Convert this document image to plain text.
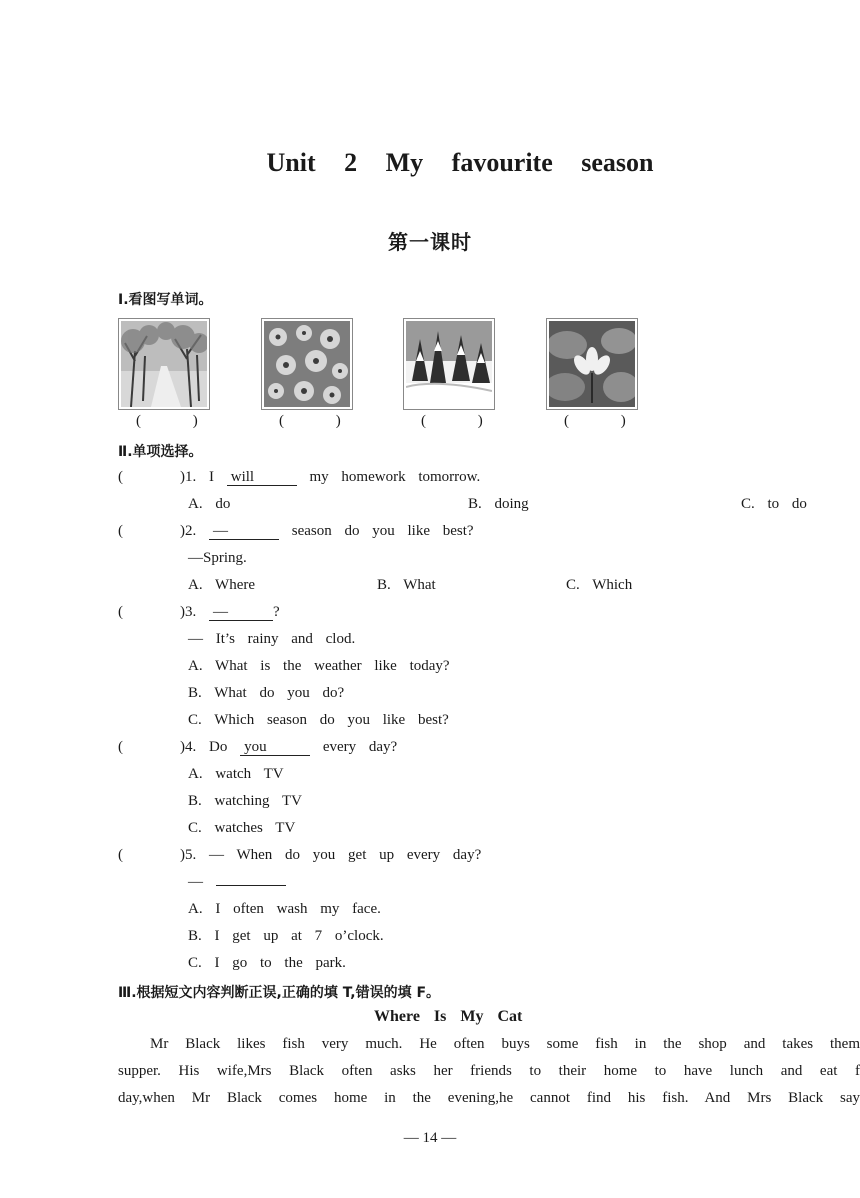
Unit 2 My favourite season
第一课时
Ⅰ.看图写单词。
( )	( )	( )	( )
Ⅱ.单项选择。
(	)1. I will	my homework tomorrow.
A. do	B. doing	C. to do
(	)2. —	season do you like best?
—Spring.
A. Where	B. What	C. Which
(	)3. —	?
— It’s rainy and clod.
A. What is the weather like today?
B. What do you do?
C. Which season do you like best?
(	)4. Do you	every day?
A. watch TV
B. watching TV
C. watches TV
(	)5. — When do you get up every day?
—
A. I often wash my face.
B. I get up at 7 o’clock.
C. I go to the park.
Ⅲ.根据短文内容判断正误,正确的填 T,错误的填 F。
Where Is My Cat
Mr Black likes fish very much. He often buys some fish in the shop and takes them
supper. His wife,Mrs Black often asks her friends to their home to have lunch and eat f
day,when Mr Black comes home in the evening,he cannot find his fish. And Mrs Black say
— 14 —
